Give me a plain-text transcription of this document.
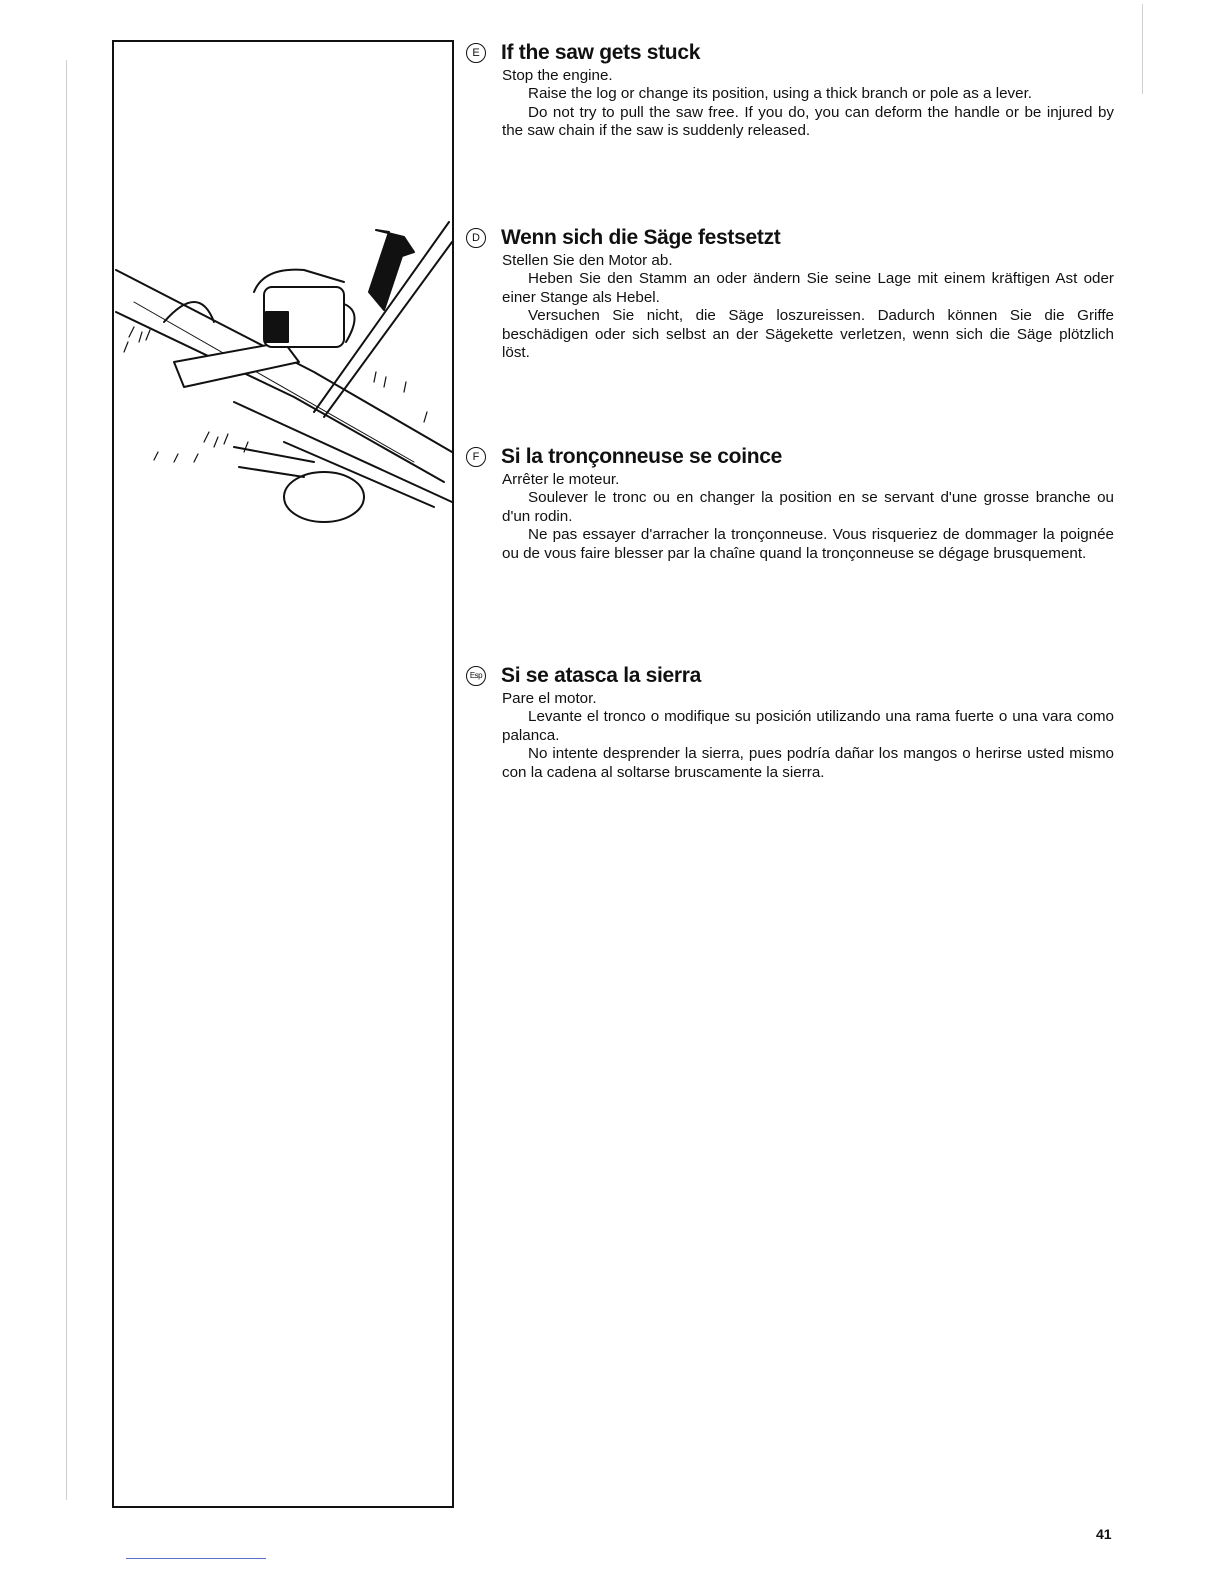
E	If the saw gets stuck

Stop the engine.

Raise the log or change its position, using a thick branch or pole as a lever.

Do not try to pull the saw free. If you do, you can deform the handle or be injured by the saw chain if the saw is suddenly released.

D Wenn sich die Säge festsetzt

Stellen Sie den Motor ab.

Heben Sie den Stamm an oder ändern Sie seine Lage mit einem kräftigen Ast oder einer Stange als Hebel.

Versuchen Sie nicht, die Säge loszureissen. Dadurch können Sie die Griffe beschädigen oder sich selbst an der Sägekette verletzen, wenn sich die Säge plötzlich löst.

F	Si la tronçonneuse se coince

Arrêter le moteur.

Soulever le tronc ou en changer la position en se servant d'une grosse branche ou d'un rodin.

Ne pas essayer d'arracher la tronçonneuse. Vous risqueriez de dommager la poignée ou de vous faire blesser par la chaîne quand la tronçonneuse se dégage brusquement.

Esp Si se atasca la sierra

Pare el motor.

Levante el tronco o modifique su posición utilizando una rama fuerte o una vara como palanca.

No intente desprender la sierra, pues podría dañar los mangos o herirse usted mismo con la cadena al soltarse bruscamente la sierra.

41
